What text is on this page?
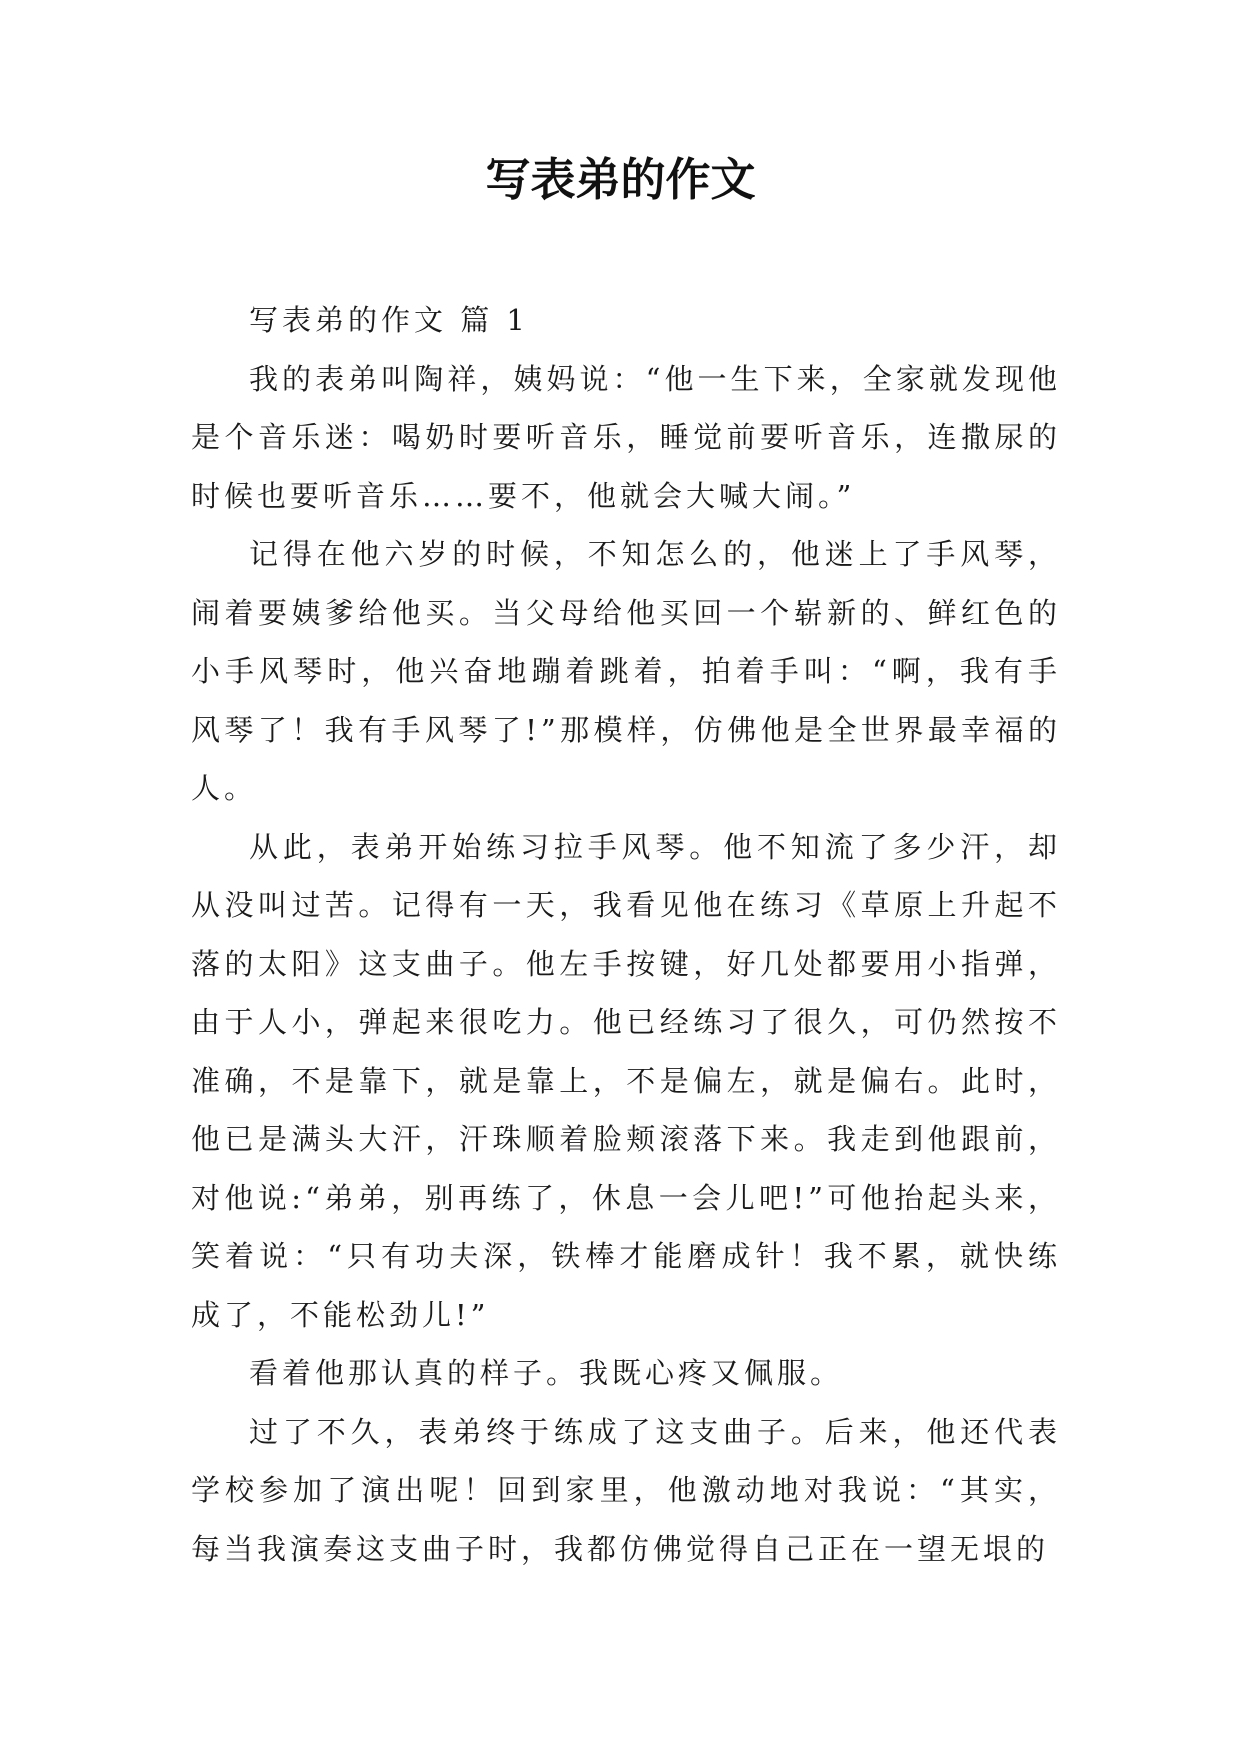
写表弟的作文

写表弟的作文 篇 1

我的表弟叫陶祥，姨妈说：“他一生下来，全家就发现他是个音乐迷：喝奶时要听音乐，睡觉前要听音乐，连撒尿的时候也要听音乐……要不，他就会大喊大闹。”

记得在他六岁的时候，不知怎么的，他迷上了手风琴，闹着要姨爹给他买。当父母给他买回一个崭新的、鲜红色的小手风琴时，他兴奋地蹦着跳着，拍着手叫：“啊，我有手风琴了！我有手风琴了!”那模样，仿佛他是全世界最幸福的人。

从此，表弟开始练习拉手风琴。他不知流了多少汗，却从没叫过苦。记得有一天，我看见他在练习《草原上升起不落的太阳》这支曲子。他左手按键，好几处都要用小指弹，由于人小，弹起来很吃力。他已经练习了很久，可仍然按不准确，不是靠下，就是靠上，不是偏左，就是偏右。此时，他已是满头大汗，汗珠顺着脸颊滚落下来。我走到他跟前，对他说:“弟弟，别再练了，休息一会儿吧!”可他抬起头来，笑着说：“只有功夫深，铁棒才能磨成针！我不累，就快练成了，不能松劲儿!”

看着他那认真的样子。我既心疼又佩服。

过了不久，表弟终于练成了这支曲子。后来，他还代表学校参加了演出呢！回到家里，他激动地对我说：“其实，每当我演奏这支曲子时，我都仿佛觉得自己正在一望无垠的
